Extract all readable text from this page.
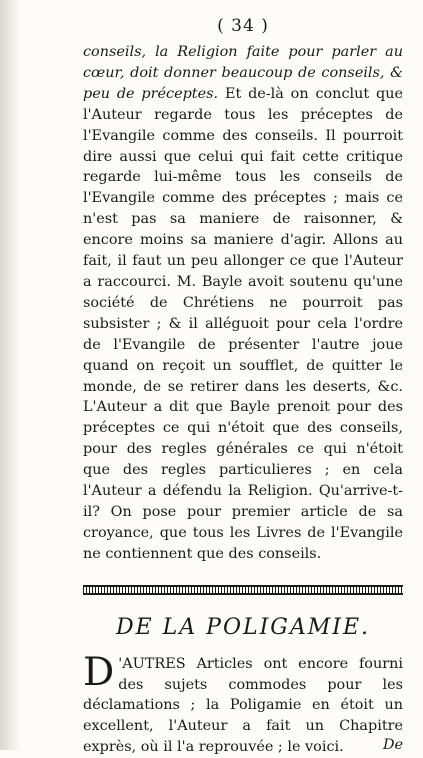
( 34 )

conseils, la Religion faite pour parler au cœur, doit donner beaucoup de conseils, & peu de préceptes. Et de-là on conclut que l'Auteur regarde tous les préceptes de l'Evangile comme des conseils. Il pourroit dire aussi que celui qui fait cette critique regarde lui-même tous les conseils de l'Evangile comme des préceptes ; mais ce n'est pas sa maniere de raisonner, & encore moins sa maniere d'agir. Allons au fait, il faut un peu allonger ce que l'Auteur a raccourci. M. Bayle avoit soutenu qu'une société de Chrétiens ne pourroit pas subsister ; & il alléguoit pour cela l'ordre de l'Evangile de présenter l'autre joue quand on reçoit un soufflet, de quitter le monde, de se retirer dans les deserts, &c. L'Auteur a dit que Bayle prenoit pour des préceptes ce qui n'étoit que des conseils, pour des regles générales ce qui n'étoit que des regles particulieres ; en cela l'Auteur a défendu la Religion. Qu'arrive-t-il? On pose pour premier article de sa croyance, que tous les Livres de l'Evangile ne contiennent que des conseils.

DE LA POLIGAMIE.

D 'AUTRES Articles ont encore fourni des sujets commodes pour les déclamations ; la Poligamie en étoit un excellent, l'Auteur a fait un Chapitre exprès, où il l'a reprouvée ; le voici.	De
